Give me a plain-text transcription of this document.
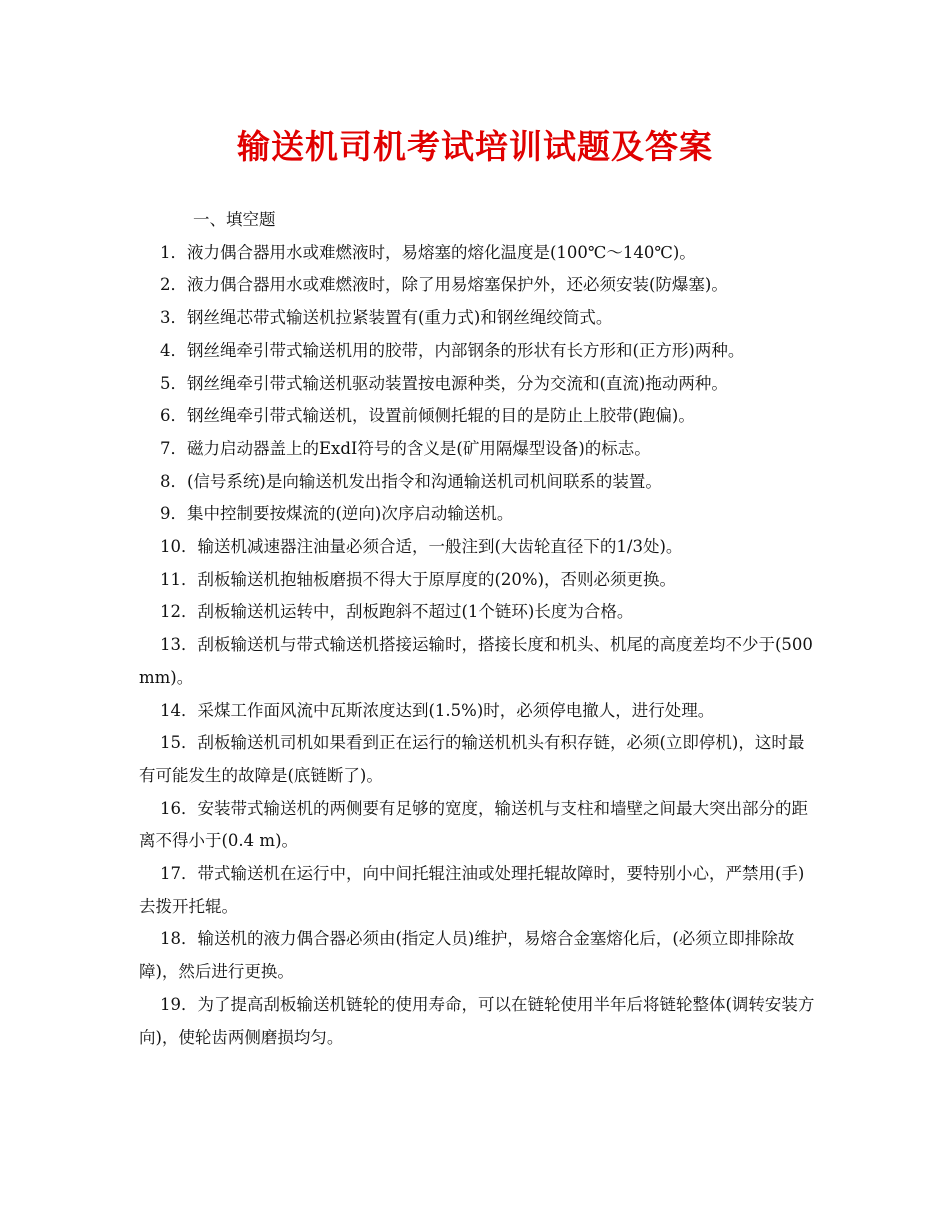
输送机司机考试培训试题及答案

一、填空题

1．液力偶合器用水或难燃液时，易熔塞的熔化温度是(100℃～140℃)。

2．液力偶合器用水或难燃液时，除了用易熔塞保护外，还必须安装(防爆塞)。

3．钢丝绳芯带式输送机拉紧装置有(重力式)和钢丝绳绞筒式。

4．钢丝绳牵引带式输送机用的胶带，内部钢条的形状有长方形和(正方形)两种。

5．钢丝绳牵引带式输送机驱动装置按电源种类，分为交流和(直流)拖动两种。

6．钢丝绳牵引带式输送机，设置前倾侧托辊的目的是防止上胶带(跑偏)。

7．磁力启动器盖上的ExdI符号的含义是(矿用隔爆型设备)的标志。

8．(信号系统)是向输送机发出指令和沟通输送机司机间联系的装置。

9．集中控制要按煤流的(逆向)次序启动输送机。

10．输送机减速器注油量必须合适，一般注到(大齿轮直径下的1/3处)。

11．刮板输送机抱轴板磨损不得大于原厚度的(20%)，否则必须更换。

12．刮板输送机运转中，刮板跑斜不超过(1个链环)长度为合格。

13．刮板输送机与带式输送机搭接运输时，搭接长度和机头、机尾的高度差均不少于(500mm)。

14．采煤工作面风流中瓦斯浓度达到(1.5%)时，必须停电撤人，进行处理。

15．刮板输送机司机如果看到正在运行的输送机机头有积存链，必须(立即停机)，这时最有可能发生的故障是(底链断了)。

16．安装带式输送机的两侧要有足够的宽度，输送机与支柱和墙壁之间最大突出部分的距离不得小于(0.4 m)。

17．带式输送机在运行中，向中间托辊注油或处理托辊故障时，要特别小心，严禁用(手)去拨开托辊。

18．输送机的液力偶合器必须由(指定人员)维护，易熔合金塞熔化后，(必须立即排除故障)，然后进行更换。

19．为了提高刮板输送机链轮的使用寿命，可以在链轮使用半年后将链轮整体(调转安装方向)，使轮齿两侧磨损均匀。
